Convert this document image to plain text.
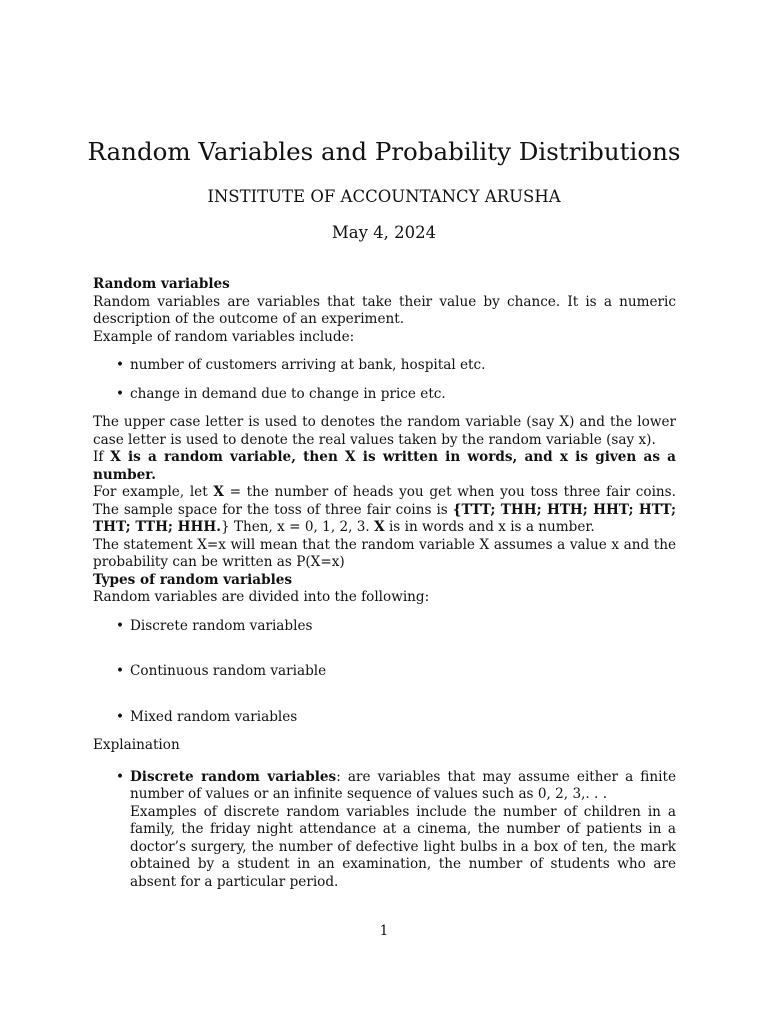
Random Variables and Probability Distributions
INSTITUTE OF ACCOUNTANCY ARUSHA
May 4, 2024

Random variables

Random variables are variables that take their value by chance. It is a numeric description of the outcome of an experiment.

Example of random variables include:

• number of customers arriving at bank, hospital etc.
• change in demand due to change in price etc.

The upper case letter is used to denotes the random variable (say X) and the lower case letter is used to denote the real values taken by the random variable (say x).

If X is a random variable, then X is written in words, and x is given as a number.

For example, let X = the number of heads you get when you toss three fair coins. The sample space for the toss of three fair coins is {TTT; THH; HTH; HHT; HTT; THT; TTH; HHH.} Then, x = 0, 1, 2, 3. X is in words and x is a number.

The statement X=x will mean that the random variable X assumes a value x and the probability can be written as P(X=x)

Types of random variables

Random variables are divided into the following:

• Discrete random variables
• Continuous random variable
• Mixed random variables

Explaination

• Discrete random variables: are variables that may assume either a finite number of values or an infinite sequence of values such as 0, 2, 3,. . .

Examples of discrete random variables include the number of children in a family, the friday night attendance at a cinema, the number of patients in a doctor’s surgery, the number of defective light bulbs in a box of ten, the mark obtained by a student in an examination, the number of students who are absent for a particular period.

1
